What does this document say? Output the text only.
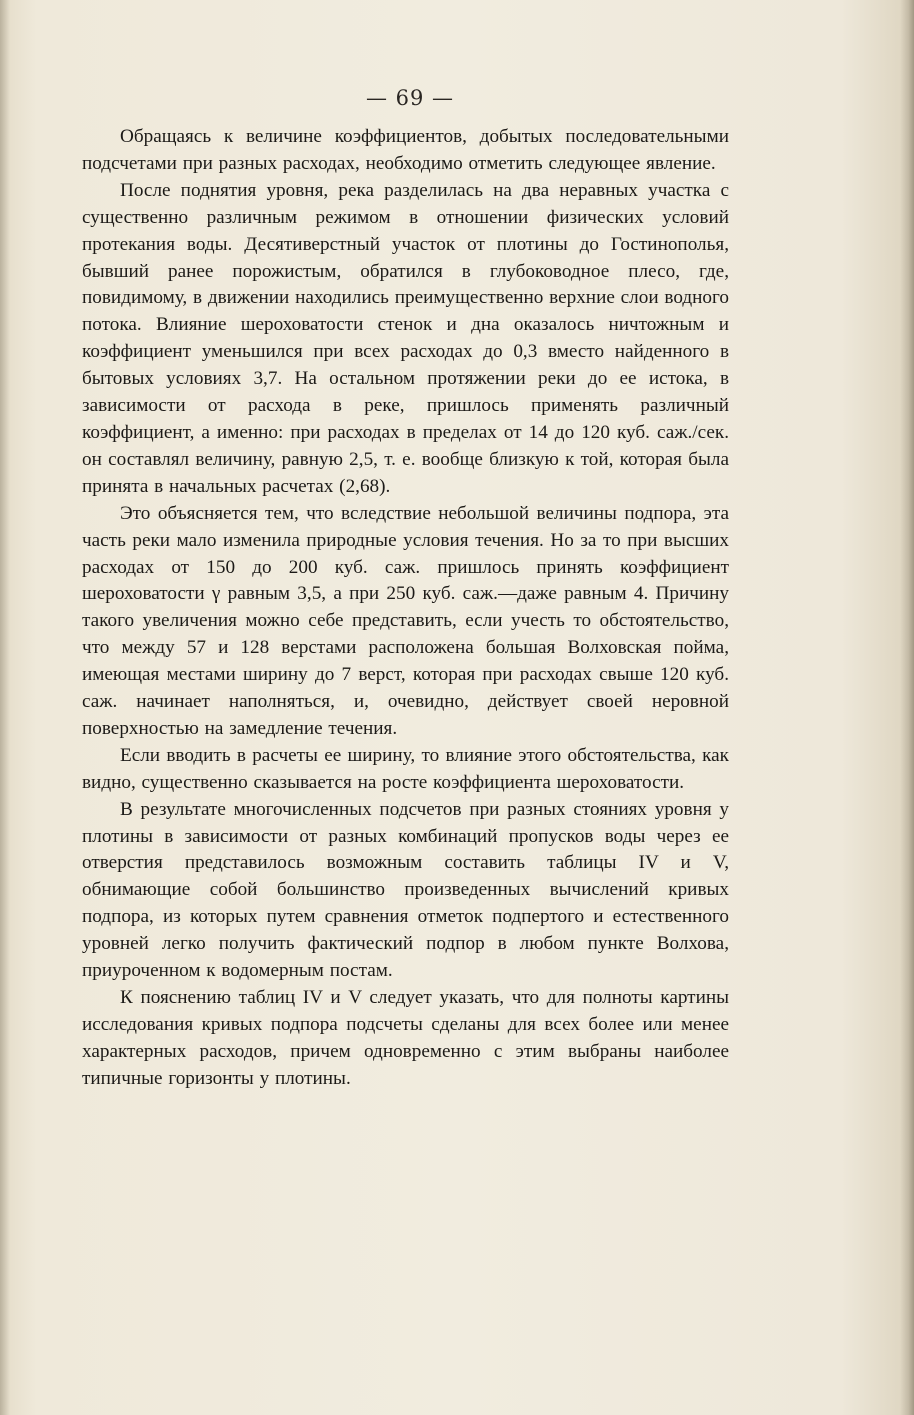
— 69 —

Обращаясь к величине коэффициентов, добытых последовательными подсчетами при разных расходах, необходимо отметить следующее явление.

После поднятия уровня, река разделилась на два неравных участка с существенно различным режимом в отношении физических условий протекания воды. Десятиверстный участок от плотины до Гостинополья, бывший ранее порожистым, обратился в глубоководное плесо, где, повидимому, в движении находились преимущественно верхние слои водного потока. Влияние шероховатости стенок и дна оказалось ничтожным и коэффициент уменьшился при всех расходах до 0,3 вместо найденного в бытовых условиях 3,7. На остальном протяжении реки до ее истока, в зависимости от расхода в реке, пришлось применять различный коэффициент, а именно: при расходах в пределах от 14 до 120 куб. саж./сек. он составлял величину, равную 2,5, т. е. вообще близкую к той, которая была принята в начальных расчетах (2,68).

Это объясняется тем, что вследствие небольшой величины подпора, эта часть реки мало изменила природные условия течения. Но за то при высших расходах от 150 до 200 куб. саж. пришлось принять коэффициент шероховатости γ равным 3,5, а при 250 куб. саж.—даже равным 4. Причину такого увеличения можно себе представить, если учесть то обстоятельство, что между 57 и 128 верстами расположена большая Волховская пойма, имеющая местами ширину до 7 верст, которая при расходах свыше 120 куб. саж. начинает наполняться, и, очевидно, действует своей неровной поверхностью на замедление течения.

Если вводить в расчеты ее ширину, то влияние этого обстоятельства, как видно, существенно сказывается на росте коэффициента шероховатости.

В результате многочисленных подсчетов при разных стояниях уровня у плотины в зависимости от разных комбинаций пропусков воды через ее отверстия представилось возможным составить таблицы IV и V, обнимающие собой большинство произведенных вычислений кривых подпора, из которых путем сравнения отметок подпертого и естественного уровней легко получить фактический подпор в любом пункте Волхова, приуроченном к водомерным постам.

К пояснению таблиц IV и V следует указать, что для полноты картины исследования кривых подпора подсчеты сделаны для всех более или менее характерных расходов, причем одновременно с этим выбраны наиболее типичные горизонты у плотины.
